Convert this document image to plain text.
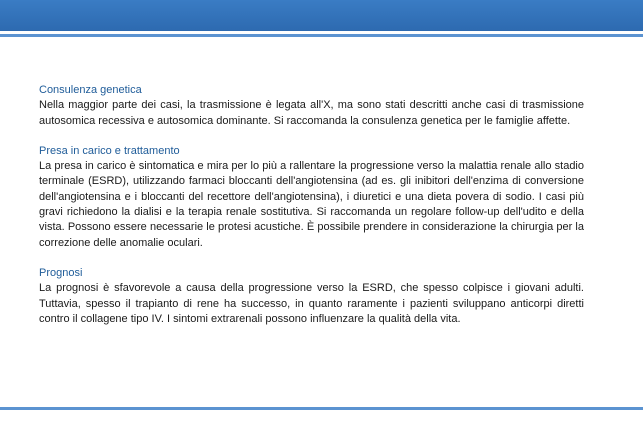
Consulenza genetica
Nella maggior parte dei casi, la trasmissione è legata all'X, ma sono stati descritti anche casi di trasmissione autosomica recessiva e autosomica dominante. Si raccomanda la consulenza genetica per le famiglie affette.
Presa in carico e trattamento
La presa in carico è sintomatica e mira per lo più a rallentare la progressione verso la malattia renale allo stadio terminale (ESRD), utilizzando farmaci bloccanti dell'angiotensina (ad es. gli inibitori dell'enzima di conversione dell'angiotensina e i bloccanti del recettore dell'angiotensina), i diuretici e una dieta povera di sodio. I casi più gravi richiedono la dialisi e la terapia renale sostitutiva. Si raccomanda un regolare follow-up dell'udito e della vista. Possono essere necessarie le protesi acustiche. È possibile prendere in considerazione la chirurgia per la correzione delle anomalie oculari.
Prognosi
La prognosi è sfavorevole a causa della progressione verso la ESRD, che spesso colpisce i giovani adulti. Tuttavia, spesso il trapianto di rene ha successo, in quanto raramente i pazienti sviluppano anticorpi diretti contro il collagene tipo IV. I sintomi extrarenali possono influenzare la qualità della vita.
